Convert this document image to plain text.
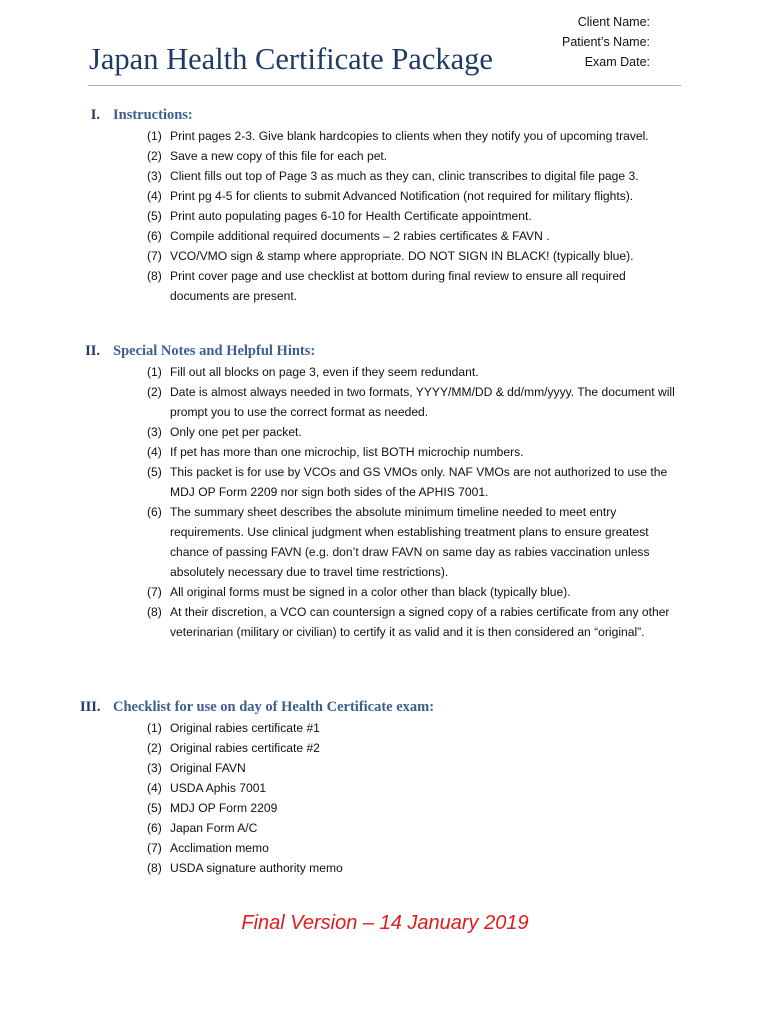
Client Name:
Patient’s Name:
Exam Date:
Japan Health Certificate Package
I. Instructions:
(1) Print pages 2-3. Give blank hardcopies to clients when they notify you of upcoming travel.
(2) Save a new copy of this file for each pet.
(3) Client fills out top of Page 3 as much as they can, clinic transcribes to digital file page 3.
(4) Print pg 4-5 for clients to submit Advanced Notification (not required for military flights).
(5) Print auto populating pages 6-10 for Health Certificate appointment.
(6) Compile additional required documents – 2 rabies certificates & FAVN .
(7) VCO/VMO sign & stamp where appropriate. DO NOT SIGN IN BLACK! (typically blue).
(8) Print cover page and use checklist at bottom during final review to ensure all required documents are present.
II. Special Notes and Helpful Hints:
(1) Fill out all blocks on page 3, even if they seem redundant.
(2) Date is almost always needed in two formats, YYYY/MM/DD & dd/mm/yyyy. The document will prompt you to use the correct format as needed.
(3) Only one pet per packet.
(4) If pet has more than one microchip, list BOTH microchip numbers.
(5) This packet is for use by VCOs and GS VMOs only. NAF VMOs are not authorized to use the MDJ OP Form 2209 nor sign both sides of the APHIS 7001.
(6) The summary sheet describes the absolute minimum timeline needed to meet entry requirements. Use clinical judgment when establishing treatment plans to ensure greatest chance of passing FAVN (e.g. don’t draw FAVN on same day as rabies vaccination unless absolutely necessary due to travel time restrictions).
(7) All original forms must be signed in a color other than black (typically blue).
(8) At their discretion, a VCO can countersign a signed copy of a rabies certificate from any other veterinarian (military or civilian) to certify it as valid and it is then considered an “original”.
III. Checklist for use on day of Health Certificate exam:
(1) Original rabies certificate #1
(2) Original rabies certificate #2
(3) Original FAVN
(4) USDA Aphis 7001
(5) MDJ OP Form 2209
(6) Japan Form A/C
(7) Acclimation memo
(8) USDA signature authority memo
Final Version – 14 January 2019
